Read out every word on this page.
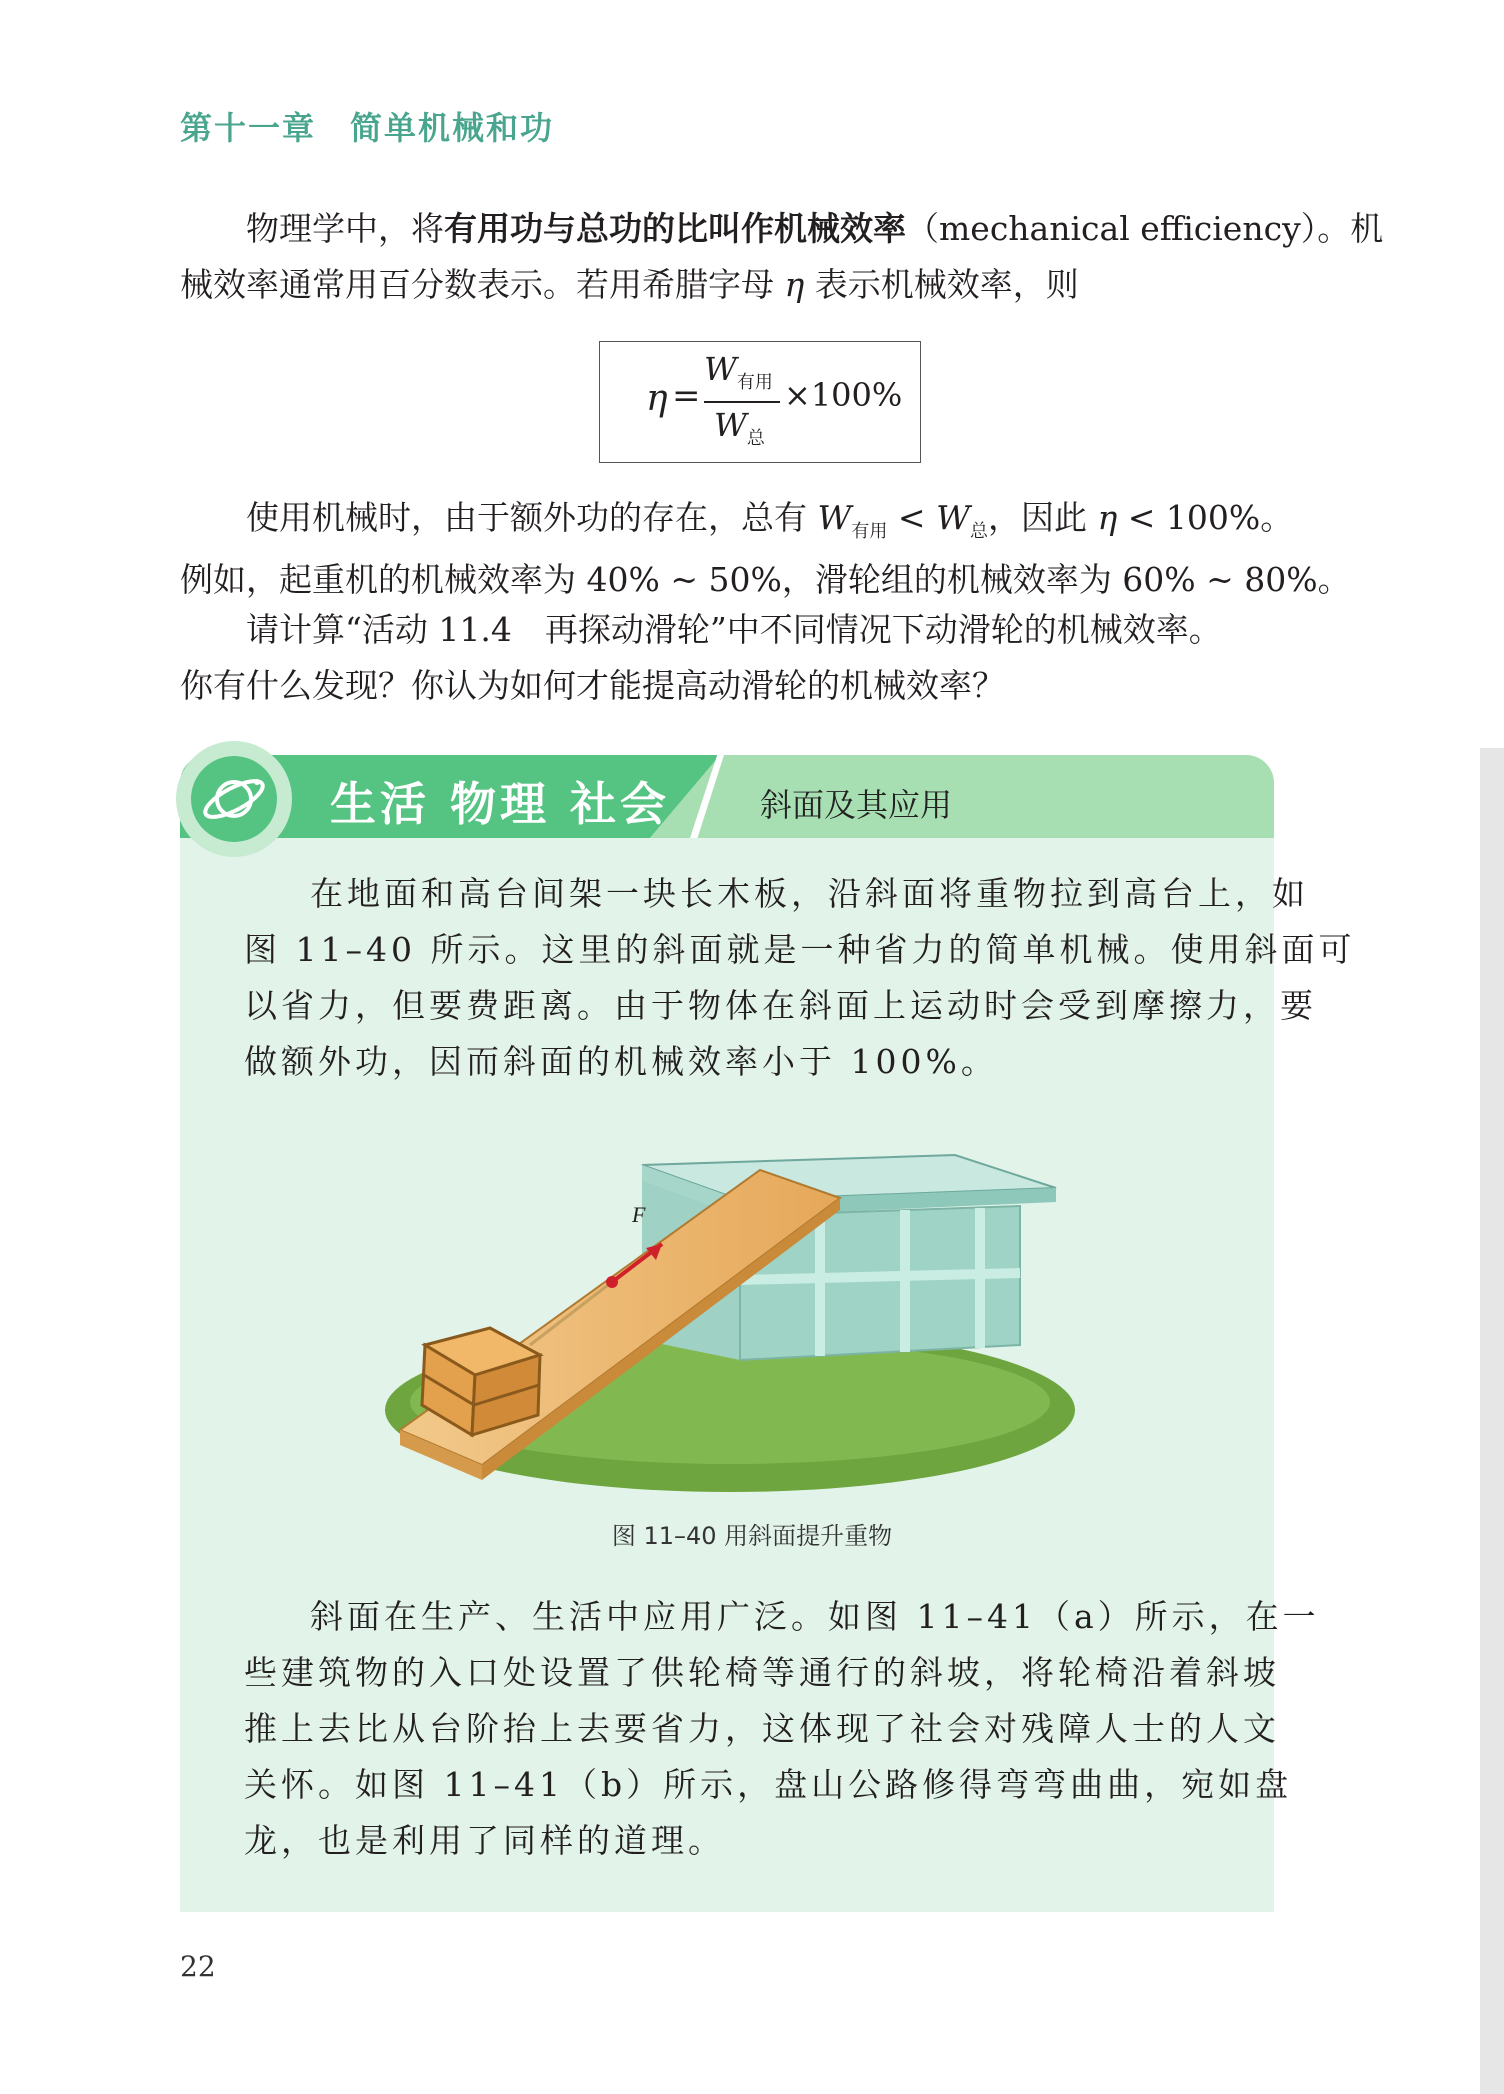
第十一章　简单机械和功
物理学中，将有用功与总功的比叫作机械效率（mechanical efficiency）。机
械效率通常用百分数表示。若用希腊字母 η 表示机械效率，则
η =
$W_{有用}$
$W_总$
×100%
使用机械时，由于额外功的存在，总有 $W_{有用} < W_总$，因此 η < 100%。
例如，起重机的机械效率为 40% ~ 50%，滑轮组的机械效率为 60% ~ 80%。
请计算“活动 11.4　再探动滑轮”中不同情况下动滑轮的机械效率。
你有什么发现？你认为如何才能提高动滑轮的机械效率？
生活 物理 社会	斜面及其应用
在地面和高台间架一块长木板，沿斜面将重物拉到高台上，如
图 11–40 所示。这里的斜面就是一种省力的简单机械。使用斜面可
以省力，但要费距离。由于物体在斜面上运动时会受到摩擦力，要
做额外功，因而斜面的机械效率小于 100%。
F
图 11–40 用斜面提升重物
斜面在生产、生活中应用广泛。如图 11–41（a）所示，在一
些建筑物的入口处设置了供轮椅等通行的斜坡，将轮椅沿着斜坡
推上去比从台阶抬上去要省力，这体现了社会对残障人士的人文
关怀。如图 11–41（b）所示，盘山公路修得弯弯曲曲，宛如盘
龙，也是利用了同样的道理。
22
